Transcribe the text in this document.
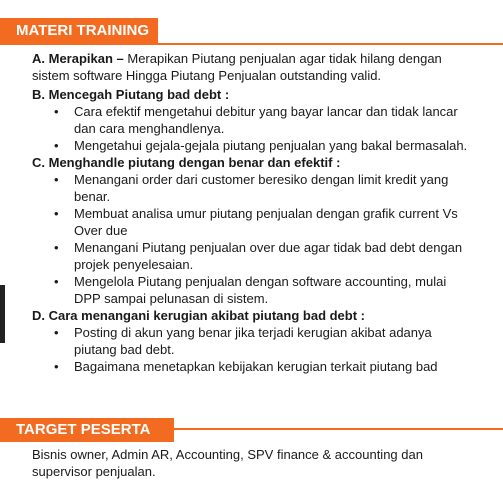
MATERI TRAINING

A. Merapikan – Merapikan Piutang penjualan agar tidak hilang dengan sistem software Hingga Piutang Penjualan outstanding valid.

B. Mencegah Piutang bad debt :

• Cara efektif mengetahui debitur yang bayar lancar dan tidak lancar dan cara menghandlenya.
• Mengetahui gejala-gejala piutang penjualan yang bakal bermasalah.

C. Menghandle piutang dengan benar dan efektif :

• Menangani order dari customer beresiko dengan limit kredit yang benar.
• Membuat analisa umur piutang penjualan dengan grafik current Vs Over due
• Menangani Piutang penjualan over due agar tidak bad debt dengan projek penyelesaian.
• Mengelola Piutang penjualan dengan software accounting, mulai DPP sampai pelunasan di sistem.

D. Cara menangani kerugian akibat piutang bad debt :

• Posting di akun yang benar jika terjadi kerugian akibat adanya piutang bad debt.
• Bagaimana menetapkan kebijakan kerugian terkait piutang bad
TARGET PESERTA

Bisnis owner, Admin AR, Accounting, SPV finance & accounting dan supervisor penjualan.
